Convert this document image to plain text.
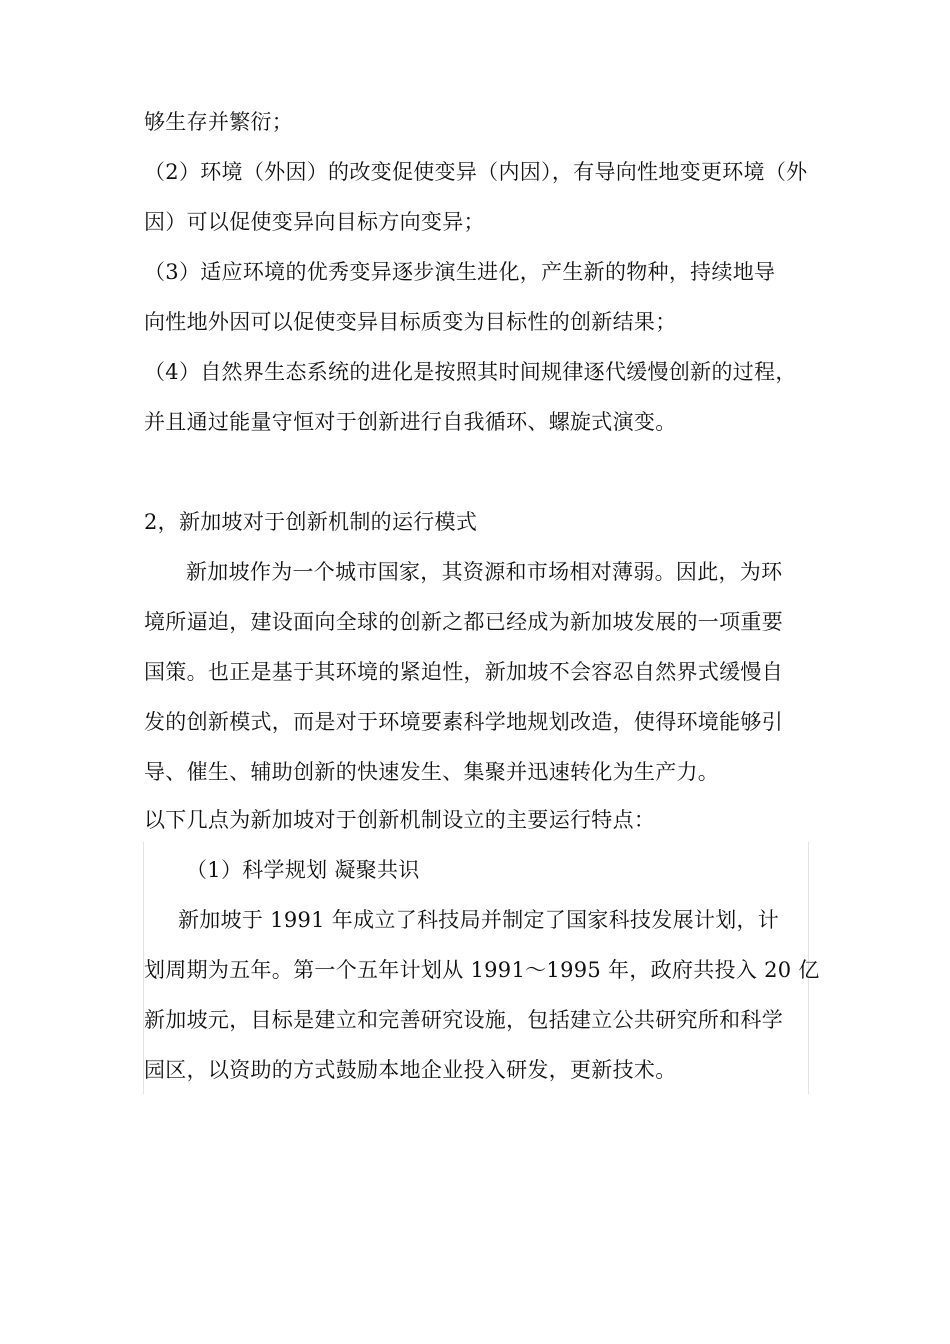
够生存并繁衍；
（2）环境（外因）的改变促使变异（内因），有导向性地变更环境（外
因）可以促使变异向目标方向变异；
（3）适应环境的优秀变异逐步演生进化，产生新的物种，持续地导
向性地外因可以促使变异目标质变为目标性的创新结果；
（4）自然界生态系统的进化是按照其时间规律逐代缓慢创新的过程，
并且通过能量守恒对于创新进行自我循环、螺旋式演变。
2，新加坡对于创新机制的运行模式
新加坡作为一个城市国家，其资源和市场相对薄弱。因此，为环
境所逼迫，建设面向全球的创新之都已经成为新加坡发展的一项重要
国策。也正是基于其环境的紧迫性，新加坡不会容忍自然界式缓慢自
发的创新模式，而是对于环境要素科学地规划改造，使得环境能够引
导、催生、辅助创新的快速发生、集聚并迅速转化为生产力。
以下几点为新加坡对于创新机制设立的主要运行特点：
（1）科学规划 凝聚共识
新加坡于 1991 年成立了科技局并制定了国家科技发展计划，计
划周期为五年。第一个五年计划从 1991～1995 年，政府共投入 20 亿
新加坡元，目标是建立和完善研究设施，包括建立公共研究所和科学
园区，以资助的方式鼓励本地企业投入研发，更新技术。
